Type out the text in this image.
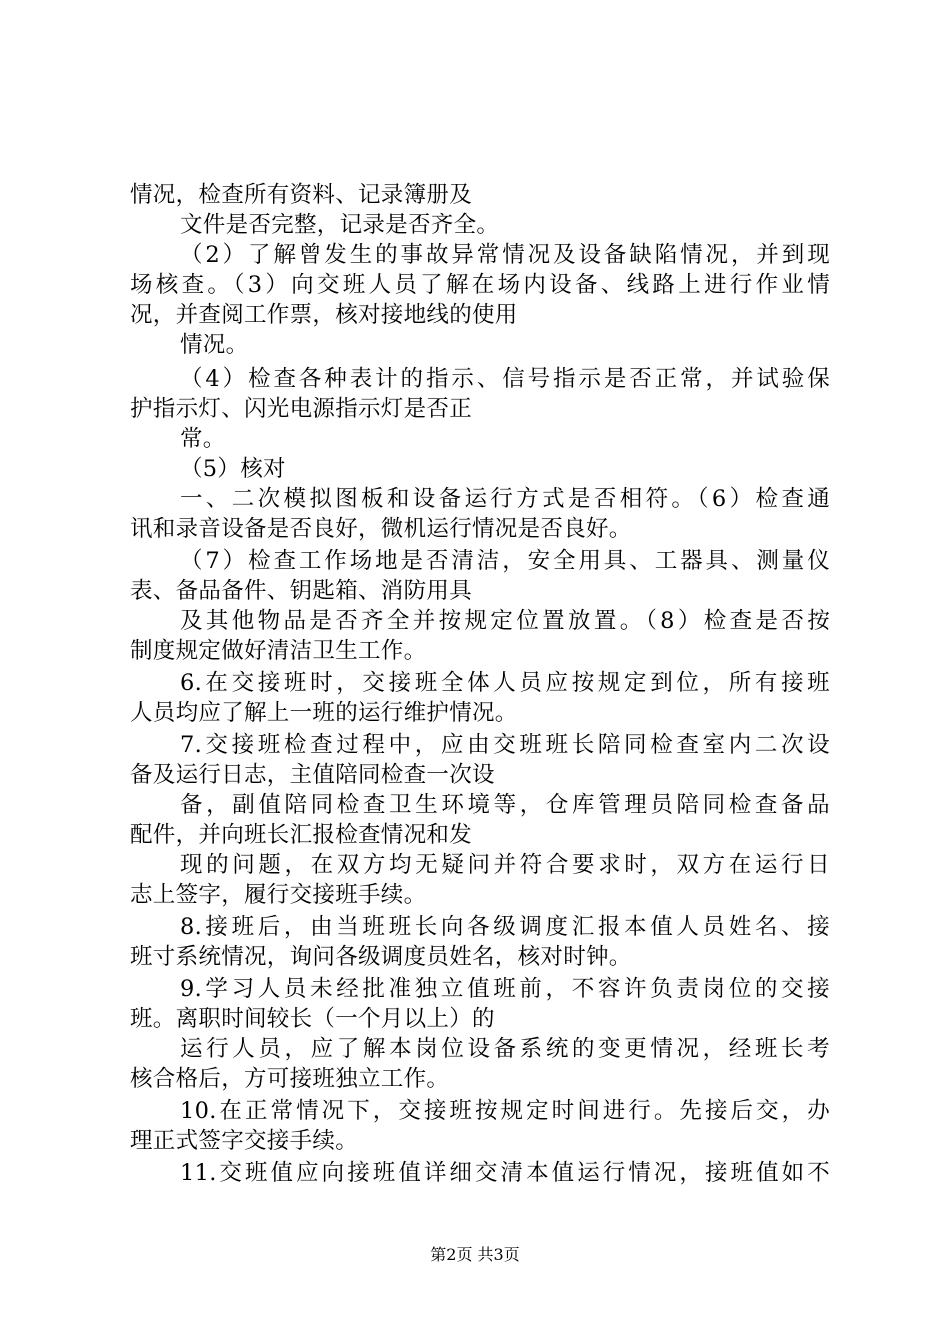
情况，检查所有资料、记录簿册及
文件是否完整，记录是否齐全。
（2）了解曾发生的事故异常情况及设备缺陷情况，并到现
场核查。（3）向交班人员了解在场内设备、线路上进行作业情
况，并查阅工作票，核对接地线的使用
情况。
（4）检查各种表计的指示、信号指示是否正常，并试验保
护指示灯、闪光电源指示灯是否正
常。
（5）核对
一、二次模拟图板和设备运行方式是否相符。（6）检查通
讯和录音设备是否良好，微机运行情况是否良好。
（7）检查工作场地是否清洁，安全用具、工器具、测量仪
表、备品备件、钥匙箱、消防用具
及其他物品是否齐全并按规定位置放置。（8）检查是否按
制度规定做好清洁卫生工作。
6.在交接班时，交接班全体人员应按规定到位，所有接班
人员均应了解上一班的运行维护情况。
7.交接班检查过程中，应由交班班长陪同检查室内二次设
备及运行日志，主值陪同检查一次设
备，副值陪同检查卫生环境等，仓库管理员陪同检查备品
配件，并向班长汇报检查情况和发
现的问题，在双方均无疑问并符合要求时，双方在运行日
志上签字，履行交接班手续。
8.接班后，由当班班长向各级调度汇报本值人员姓名、接
班寸系统情况，询问各级调度员姓名，核对时钟。
9.学习人员未经批准独立值班前，不容许负责岗位的交接
班。离职时间较长（一个月以上）的
运行人员，应了解本岗位设备系统的变更情况，经班长考
核合格后，方可接班独立工作。
10.在正常情况下，交接班按规定时间进行。先接后交，办
理正式签字交接手续。
11.交班值应向接班值详细交清本值运行情况，接班值如不
第2页 共3页
